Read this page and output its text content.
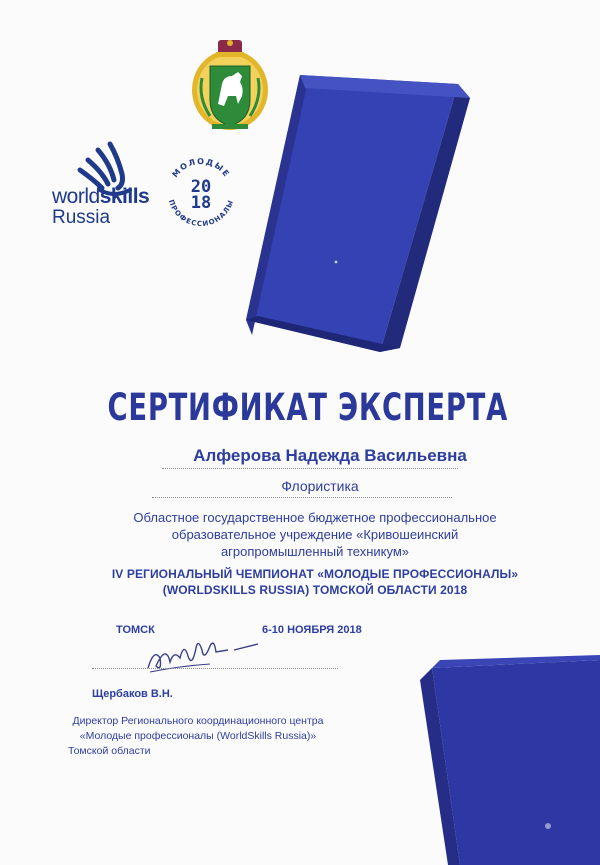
worldskills
Russia
МОЛОДЫЕ
ПРОФЕССИОНАЛЫ
20
18
СЕРТИФИКАТ ЭКСПЕРТА
Алферова Надежда Васильевна
Флористика
Областное государственное бюджетное профессиональное
образовательное учреждение «Кривошеинский
агропромышленный техникум»
IV РЕГИОНАЛЬНЫЙ ЧЕМПИОНАТ «МОЛОДЫЕ ПРОФЕССИОНАЛЫ»
(WORLDSKILLS RUSSIA) ТОМСКОЙ ОБЛАСТИ 2018
ТОМСК	6-10 НОЯБРЯ 2018
Щербаков В.Н.
Директор Регионального координационного центра
«Молодые профессионалы (WorldSkills Russia)»
Томской области
